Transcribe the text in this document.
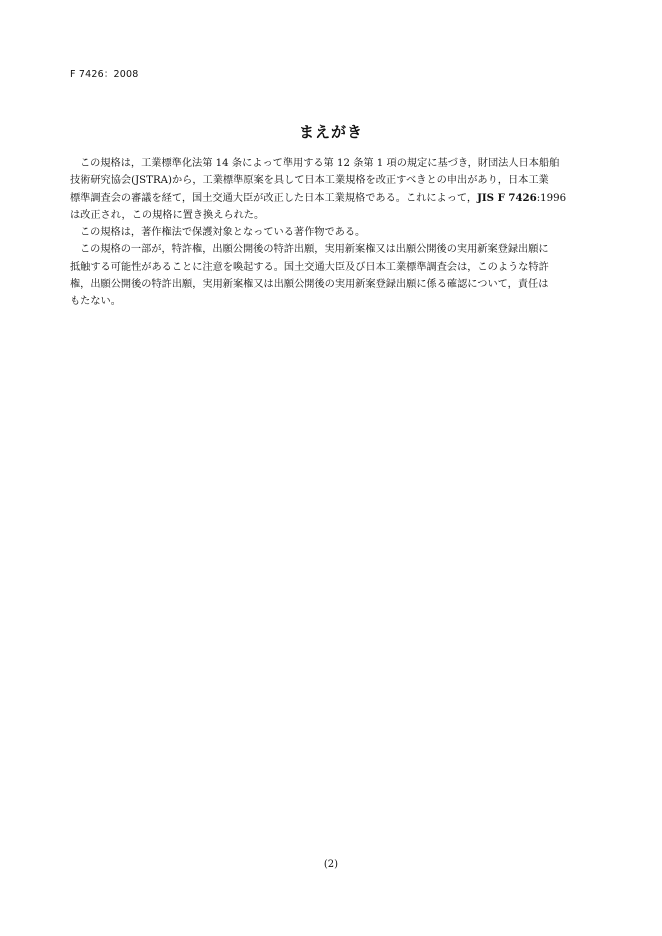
F 7426：2008
まえがき
この規格は，工業標準化法第 14 条によって準用する第 12 条第 1 項の規定に基づき，財団法人日本船舶
技術研究協会(JSTRA)から，工業標準原案を具して日本工業規格を改正すべきとの申出があり，日本工業
標準調査会の審議を経て，国土交通大臣が改正した日本工業規格である。これによって，JIS F 7426:1996
は改正され，この規格に置き換えられた。
この規格は，著作権法で保護対象となっている著作物である。
この規格の一部が，特許権，出願公開後の特許出願，実用新案権又は出願公開後の実用新案登録出願に
抵触する可能性があることに注意を喚起する。国土交通大臣及び日本工業標準調査会は，このような特許
権，出願公開後の特許出願，実用新案権又は出願公開後の実用新案登録出願に係る確認について，責任は
もたない。
(2)
